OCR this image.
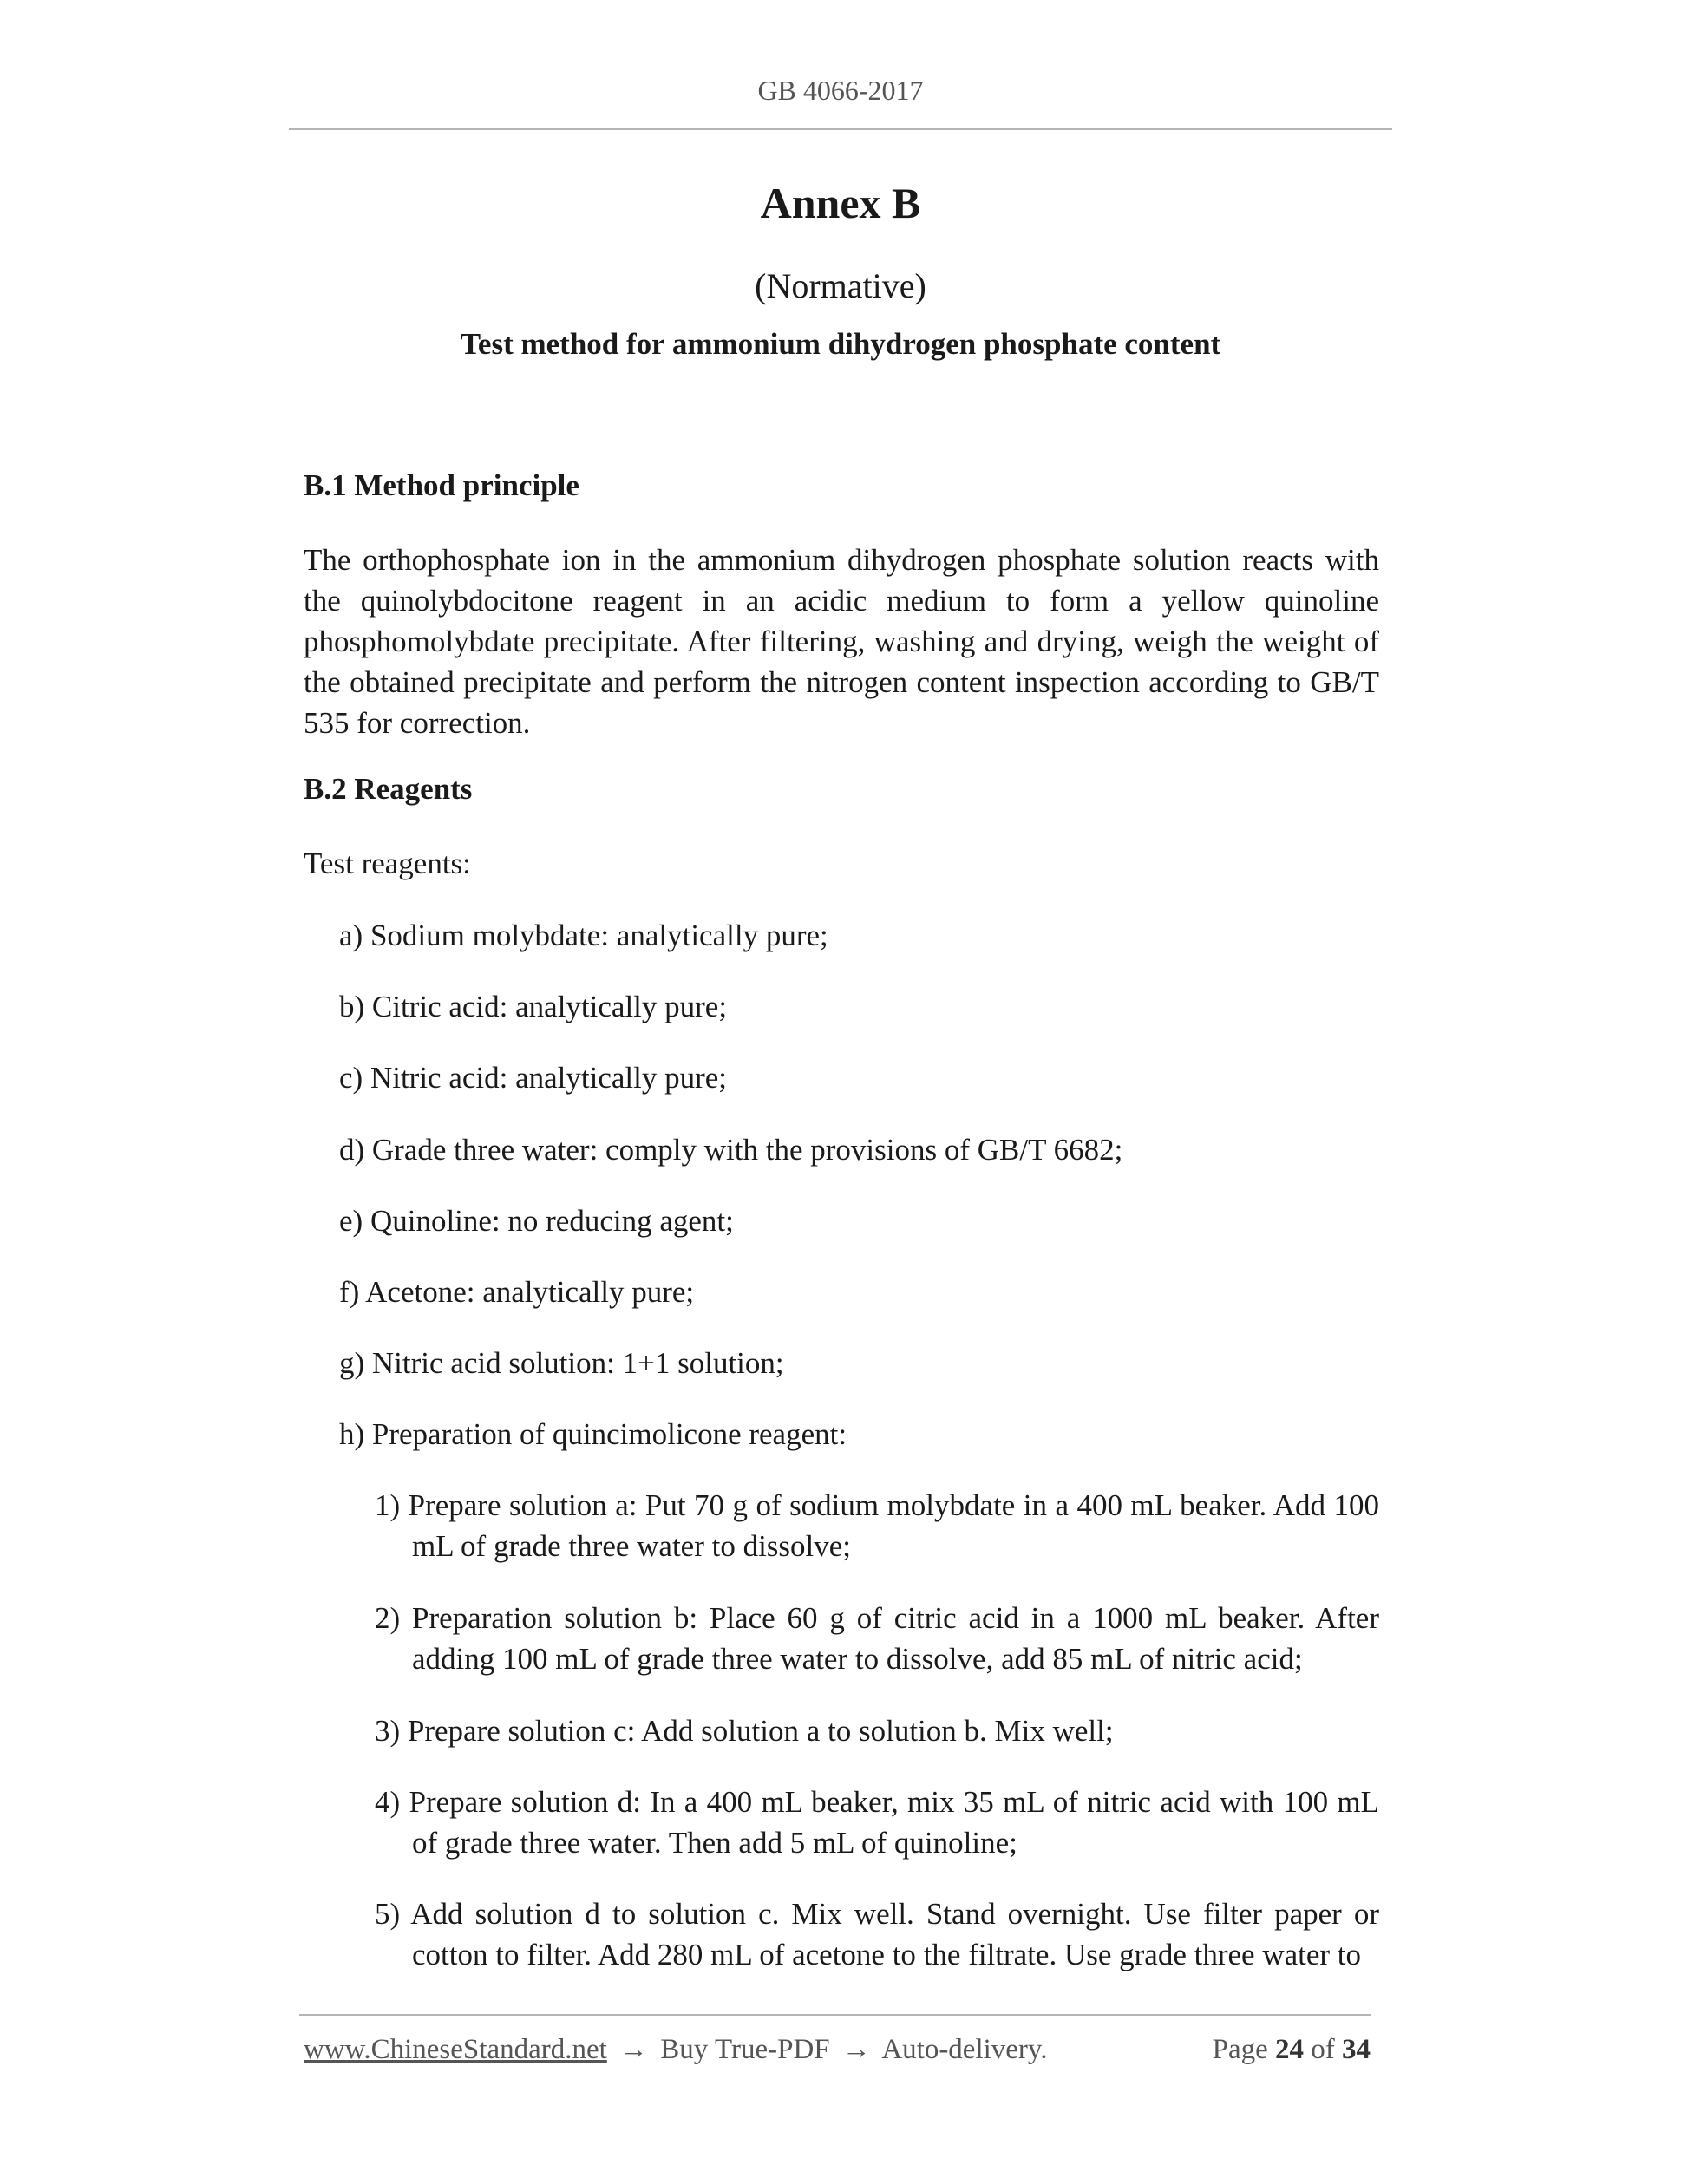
GB 4066-2017
Annex B
(Normative)
Test method for ammonium dihydrogen phosphate content
B.1 Method principle
The orthophosphate ion in the ammonium dihydrogen phosphate solution reacts with the quinolybdocitone reagent in an acidic medium to form a yellow quinoline phosphomolybdate precipitate. After filtering, washing and drying, weigh the weight of the obtained precipitate and perform the nitrogen content inspection according to GB/T 535 for correction.
B.2 Reagents
Test reagents:
a) Sodium molybdate: analytically pure;
b) Citric acid: analytically pure;
c) Nitric acid: analytically pure;
d) Grade three water: comply with the provisions of GB/T 6682;
e) Quinoline: no reducing agent;
f) Acetone: analytically pure;
g) Nitric acid solution: 1+1 solution;
h) Preparation of quincimolicone reagent:
1) Prepare solution a: Put 70 g of sodium molybdate in a 400 mL beaker. Add 100 mL of grade three water to dissolve;
2) Preparation solution b: Place 60 g of citric acid in a 1000 mL beaker. After adding 100 mL of grade three water to dissolve, add 85 mL of nitric acid;
3) Prepare solution c: Add solution a to solution b. Mix well;
4) Prepare solution d: In a 400 mL beaker, mix 35 mL of nitric acid with 100 mL of grade three water. Then add 5 mL of quinoline;
5) Add solution d to solution c. Mix well. Stand overnight. Use filter paper or cotton to filter. Add 280 mL of acetone to the filtrate. Use grade three water to
www.ChineseStandard.net → Buy True-PDF → Auto-delivery.	Page 24 of 34
